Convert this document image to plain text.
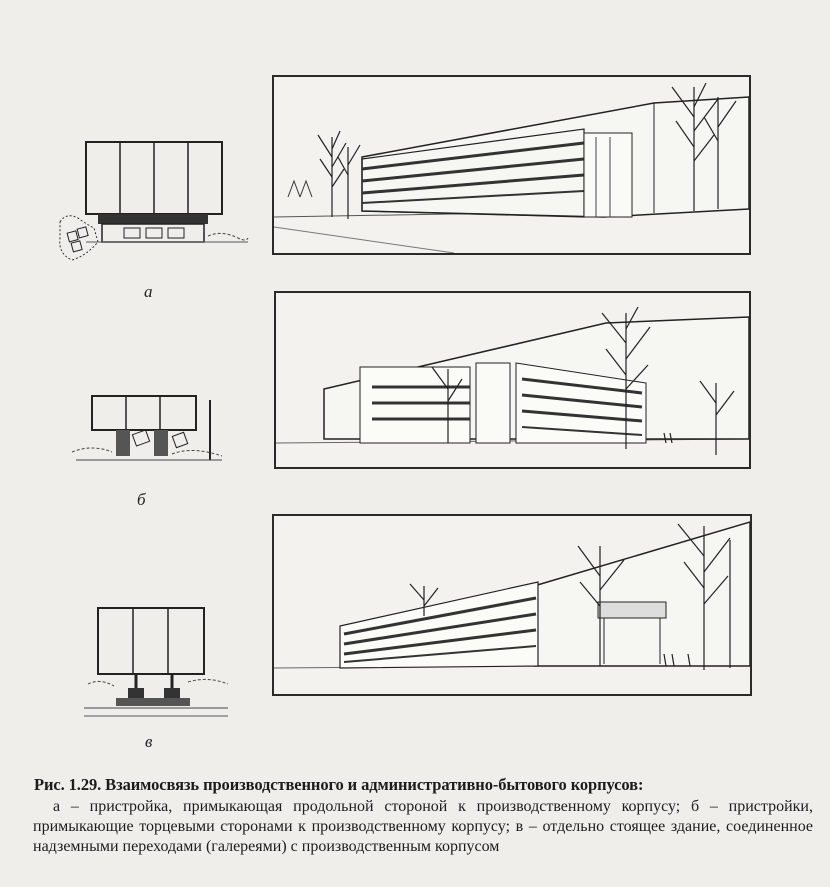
а
б
в
Рис. 1.29. Взаимосвязь производственного и административно-бытового корпусов:
а – пристройка, примыкающая продольной стороной к производственному корпусу; б – пристройки, примыкающие торцевыми сторонами к производственному корпусу; в – отдельно стоящее здание, соединенное надземными переходами (галереями) с производственным корпусом
